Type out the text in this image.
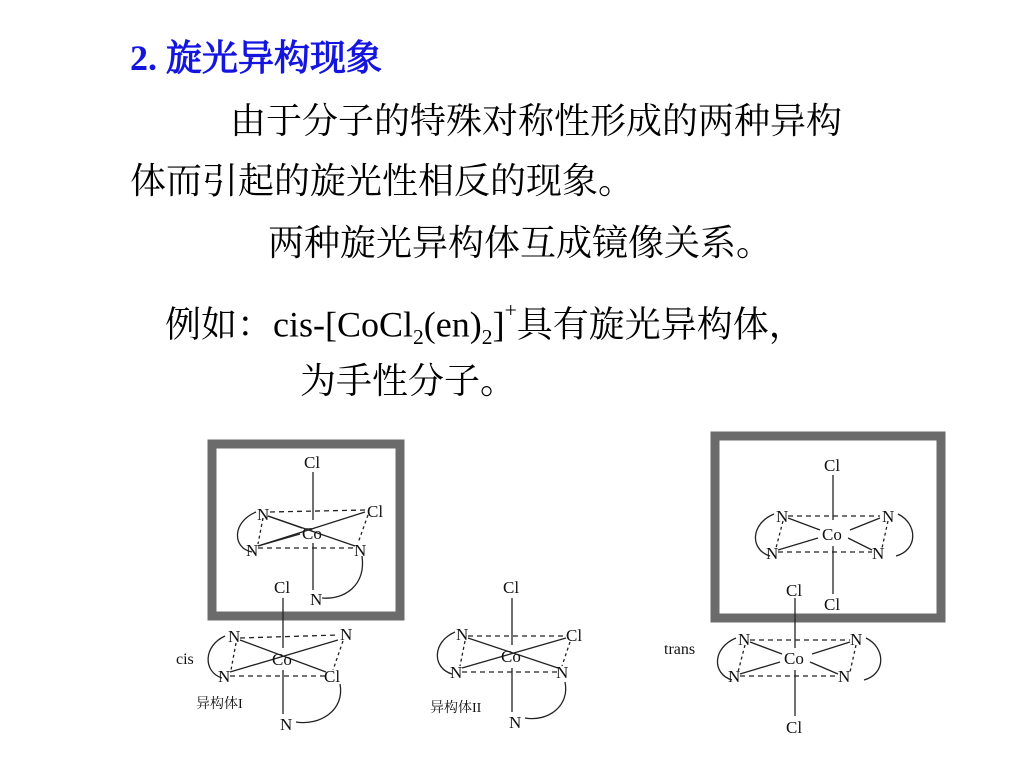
2. 旋光异构现象
由于分子的特殊对称性形成的两种异构
体而引起的旋光性相反的现象。
两种旋光异构体互成镜像关系。
例如：cis-$[CoCl_2(en)_2]^+$具有旋光异构体，
为手性分子。
Cl
N	Cl
Co
N	N
N
Cl
N	N
Co
N	Cl
N
Cl
N	Cl
Co
N	N
N
Cl
N	N
Co
N	N
Cl
Cl
N	N
Co
N	N
Cl
cis
trans
异构体I	异构体II
